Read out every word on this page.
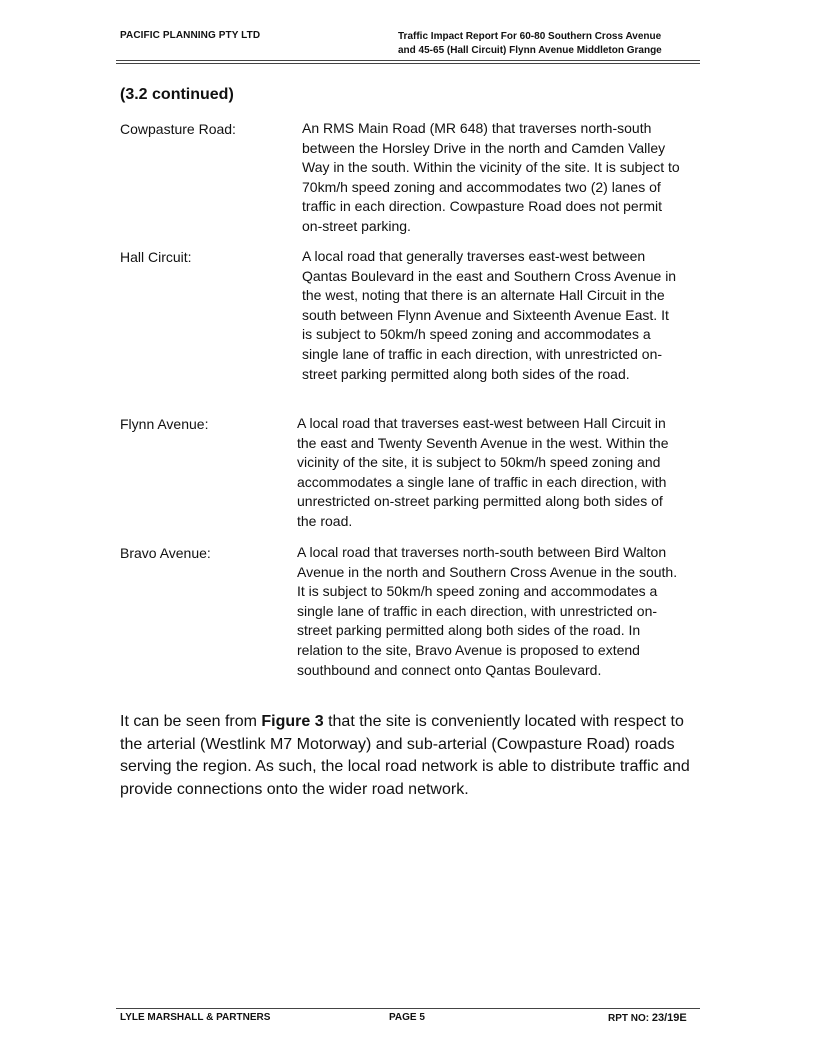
PACIFIC PLANNING PTY LTD	Traffic Impact Report For 60-80 Southern Cross Avenue
and 45-65 (Hall Circuit) Flynn Avenue Middleton Grange
(3.2 continued)
Cowpasture Road:	An RMS Main Road (MR 648) that traverses north-south
between the Horsley Drive in the north and Camden Valley
Way in the south. Within the vicinity of the site. It is subject to
70km/h speed zoning and accommodates two (2) lanes of
traffic in each direction. Cowpasture Road does not permit
on-street parking.
Hall Circuit:	A local road that generally traverses east-west between
Qantas Boulevard in the east and Southern Cross Avenue in
the west, noting that there is an alternate Hall Circuit in the
south between Flynn Avenue and Sixteenth Avenue East. It
is subject to 50km/h speed zoning and accommodates a
single lane of traffic in each direction, with unrestricted on-
street parking permitted along both sides of the road.
Flynn Avenue:	A local road that traverses east-west between Hall Circuit in
the east and Twenty Seventh Avenue in the west. Within the
vicinity of the site, it is subject to 50km/h speed zoning and
accommodates a single lane of traffic in each direction, with
unrestricted on-street parking permitted along both sides of
the road.
Bravo Avenue:	A local road that traverses north-south between Bird Walton
Avenue in the north and Southern Cross Avenue in the south.
It is subject to 50km/h speed zoning and accommodates a
single lane of traffic in each direction, with unrestricted on-
street parking permitted along both sides of the road. In
relation to the site, Bravo Avenue is proposed to extend
southbound and connect onto Qantas Boulevard.
It can be seen from Figure 3 that the site is conveniently located with respect to the arterial (Westlink M7 Motorway) and sub-arterial (Cowpasture Road) roads serving the region. As such, the local road network is able to distribute traffic and provide connections onto the wider road network.
LYLE MARSHALL & PARTNERS	PAGE 5	RPT NO: 23/19E
